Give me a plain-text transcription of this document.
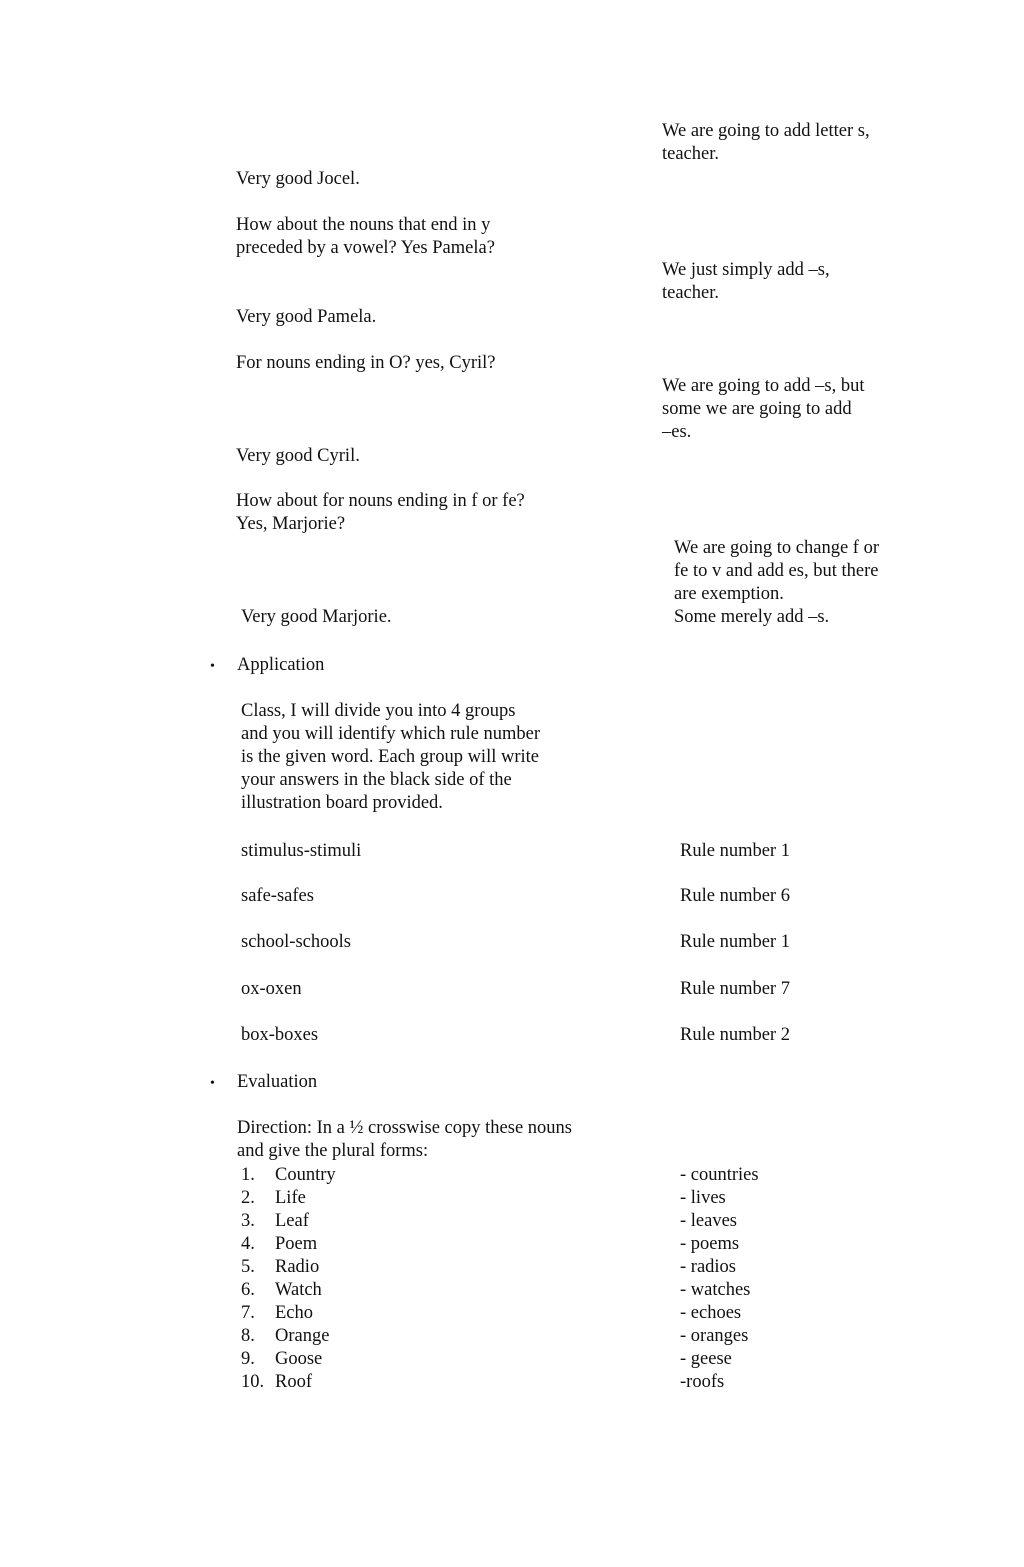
We are going to add letter s,
teacher.
Very good Jocel.
How about the nouns that end in y
preceded by a vowel? Yes Pamela?
We just simply add –s,
teacher.
Very good Pamela.
For nouns ending in O? yes, Cyril?
We are going to add –s, but
some we are going to add
–es.
Very good Cyril.
How about for nouns ending in f or fe?
Yes, Marjorie?
We are going to change f or
fe to v and add es, but there
are exemption.
Some merely add –s.
Very good Marjorie.
• Application
Class, I will divide you into 4 groups
and you will identify which rule number
is the given word. Each group will write
your answers in the black side of the
illustration board provided.
stimulus-stimuli	Rule number 1
safe-safes	Rule number 6
school-schools	Rule number 1
ox-oxen	Rule number 7
box-boxes	Rule number 2
• Evaluation
Direction: In a ½ crosswise copy these nouns
and give the plural forms:
1. Country	- countries
2. Life	- lives
3. Leaf	- leaves
4. Poem	- poems
5. Radio	- radios
6. Watch	- watches
7. Echo	- echoes
8. Orange	- oranges
9. Goose	- geese
10. Roof	-roofs
